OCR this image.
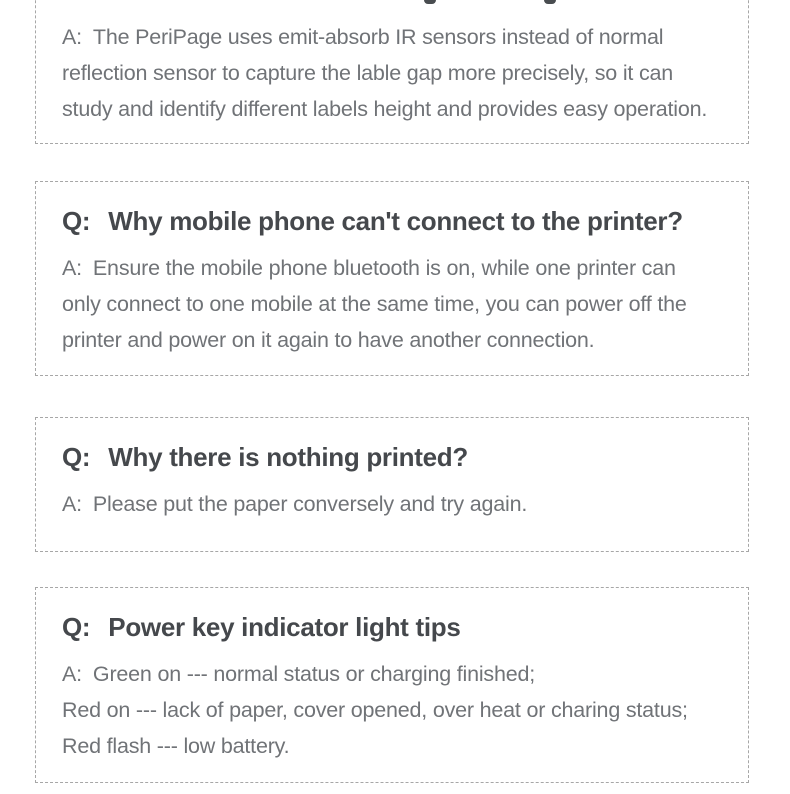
A: The PeriPage uses emit-absorb IR sensors instead of normal
reflection sensor to capture the lable gap more precisely, so it can
study and identify different labels height and provides easy operation.
Q: Why mobile phone can't connect to the printer?
A: Ensure the mobile phone bluetooth is on, while one printer can
only connect to one mobile at the same time, you can power off the
printer and power on it again to have another connection.
Q: Why there is nothing printed?
A: Please put the paper conversely and try again.
Q: Power key indicator light tips
A: Green on --- normal status or charging finished;
Red on --- lack of paper, cover opened, over heat or charing status;
Red flash --- low battery.
